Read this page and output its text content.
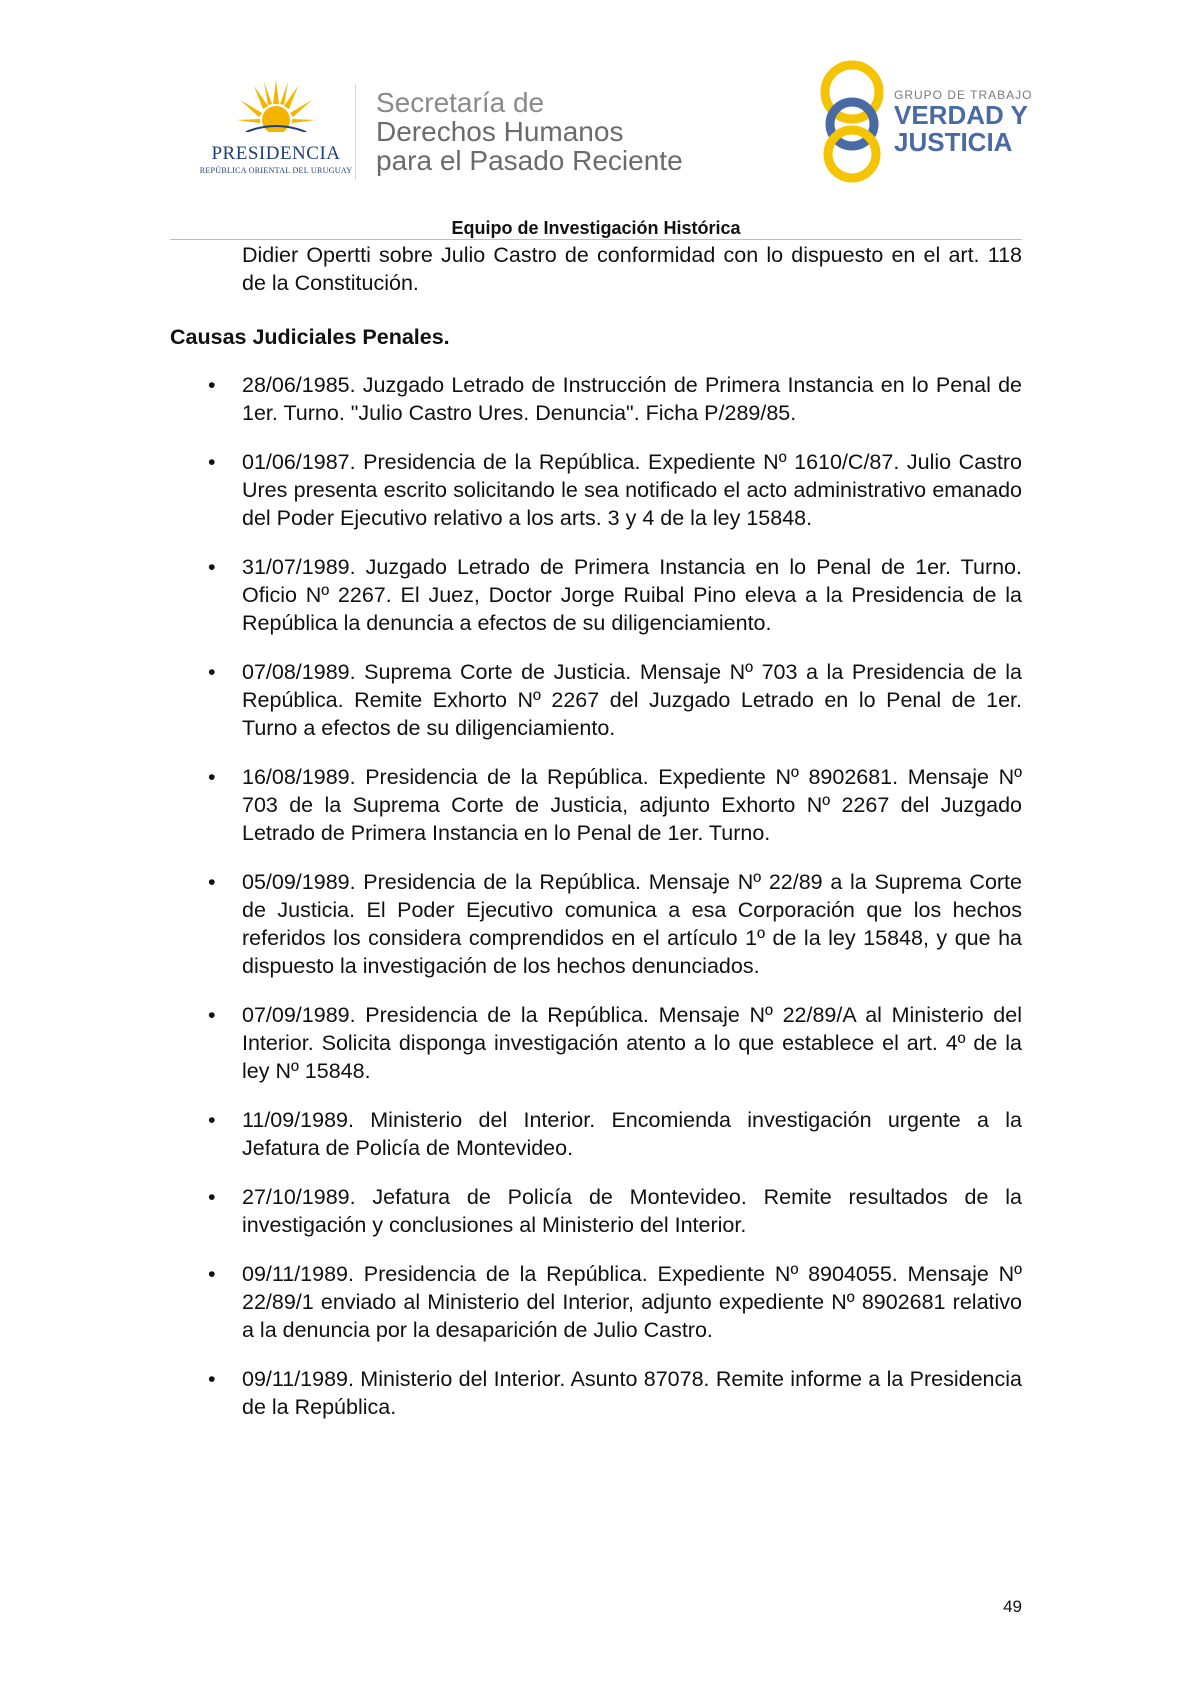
PRESIDENCIA
REPÚBLICA ORIENTAL DEL URUGUAY
Secretaría de
Derechos Humanos
para el Pasado Reciente
GRUPO DE TRABAJO
VERDAD Y
JUSTICIA
Equipo de Investigación Histórica

Didier Opertti sobre Julio Castro de conformidad con lo dispuesto en el art. 118 de la Constitución.

Causas Judiciales Penales.
• 28/06/1985. Juzgado Letrado de Instrucción de Primera Instancia en lo Penal de 1er. Turno. "Julio Castro Ures. Denuncia". Ficha P/289/85.
• 01/06/1987. Presidencia de la República. Expediente Nº 1610/C/87. Julio Castro Ures presenta escrito solicitando le sea notificado el acto administrativo emanado del Poder Ejecutivo relativo a los arts. 3 y 4 de la ley 15848.
• 31/07/1989. Juzgado Letrado de Primera Instancia en lo Penal de 1er. Turno. Oficio Nº 2267. El Juez, Doctor Jorge Ruibal Pino eleva a la Presidencia de la República la denuncia a efectos de su diligenciamiento.
• 07/08/1989. Suprema Corte de Justicia. Mensaje Nº 703 a la Presidencia de la República. Remite Exhorto Nº 2267 del Juzgado Letrado en lo Penal de 1er. Turno a efectos de su diligenciamiento.
• 16/08/1989. Presidencia de la República. Expediente Nº 8902681. Mensaje Nº 703 de la Suprema Corte de Justicia, adjunto Exhorto Nº 2267 del Juzgado Letrado de Primera Instancia en lo Penal de 1er. Turno.
• 05/09/1989. Presidencia de la República. Mensaje Nº 22/89 a la Suprema Corte de Justicia. El Poder Ejecutivo comunica a esa Corporación que los hechos referidos los considera comprendidos en el artículo 1º de la ley 15848, y que ha dispuesto la investigación de los hechos denunciados.
• 07/09/1989. Presidencia de la República. Mensaje Nº 22/89/A al Ministerio del Interior. Solicita disponga investigación atento a lo que establece el art. 4º de la ley Nº 15848.
• 11/09/1989. Ministerio del Interior. Encomienda investigación urgente a la Jefatura de Policía de Montevideo.
• 27/10/1989. Jefatura de Policía de Montevideo. Remite resultados de la investigación y conclusiones al Ministerio del Interior.
• 09/11/1989. Presidencia de la República. Expediente Nº 8904055. Mensaje Nº 22/89/1 enviado al Ministerio del Interior, adjunto expediente Nº 8902681 relativo a la denuncia por la desaparición de Julio Castro.
• 09/11/1989. Ministerio del Interior. Asunto 87078. Remite informe a la Presidencia de la República.
49
